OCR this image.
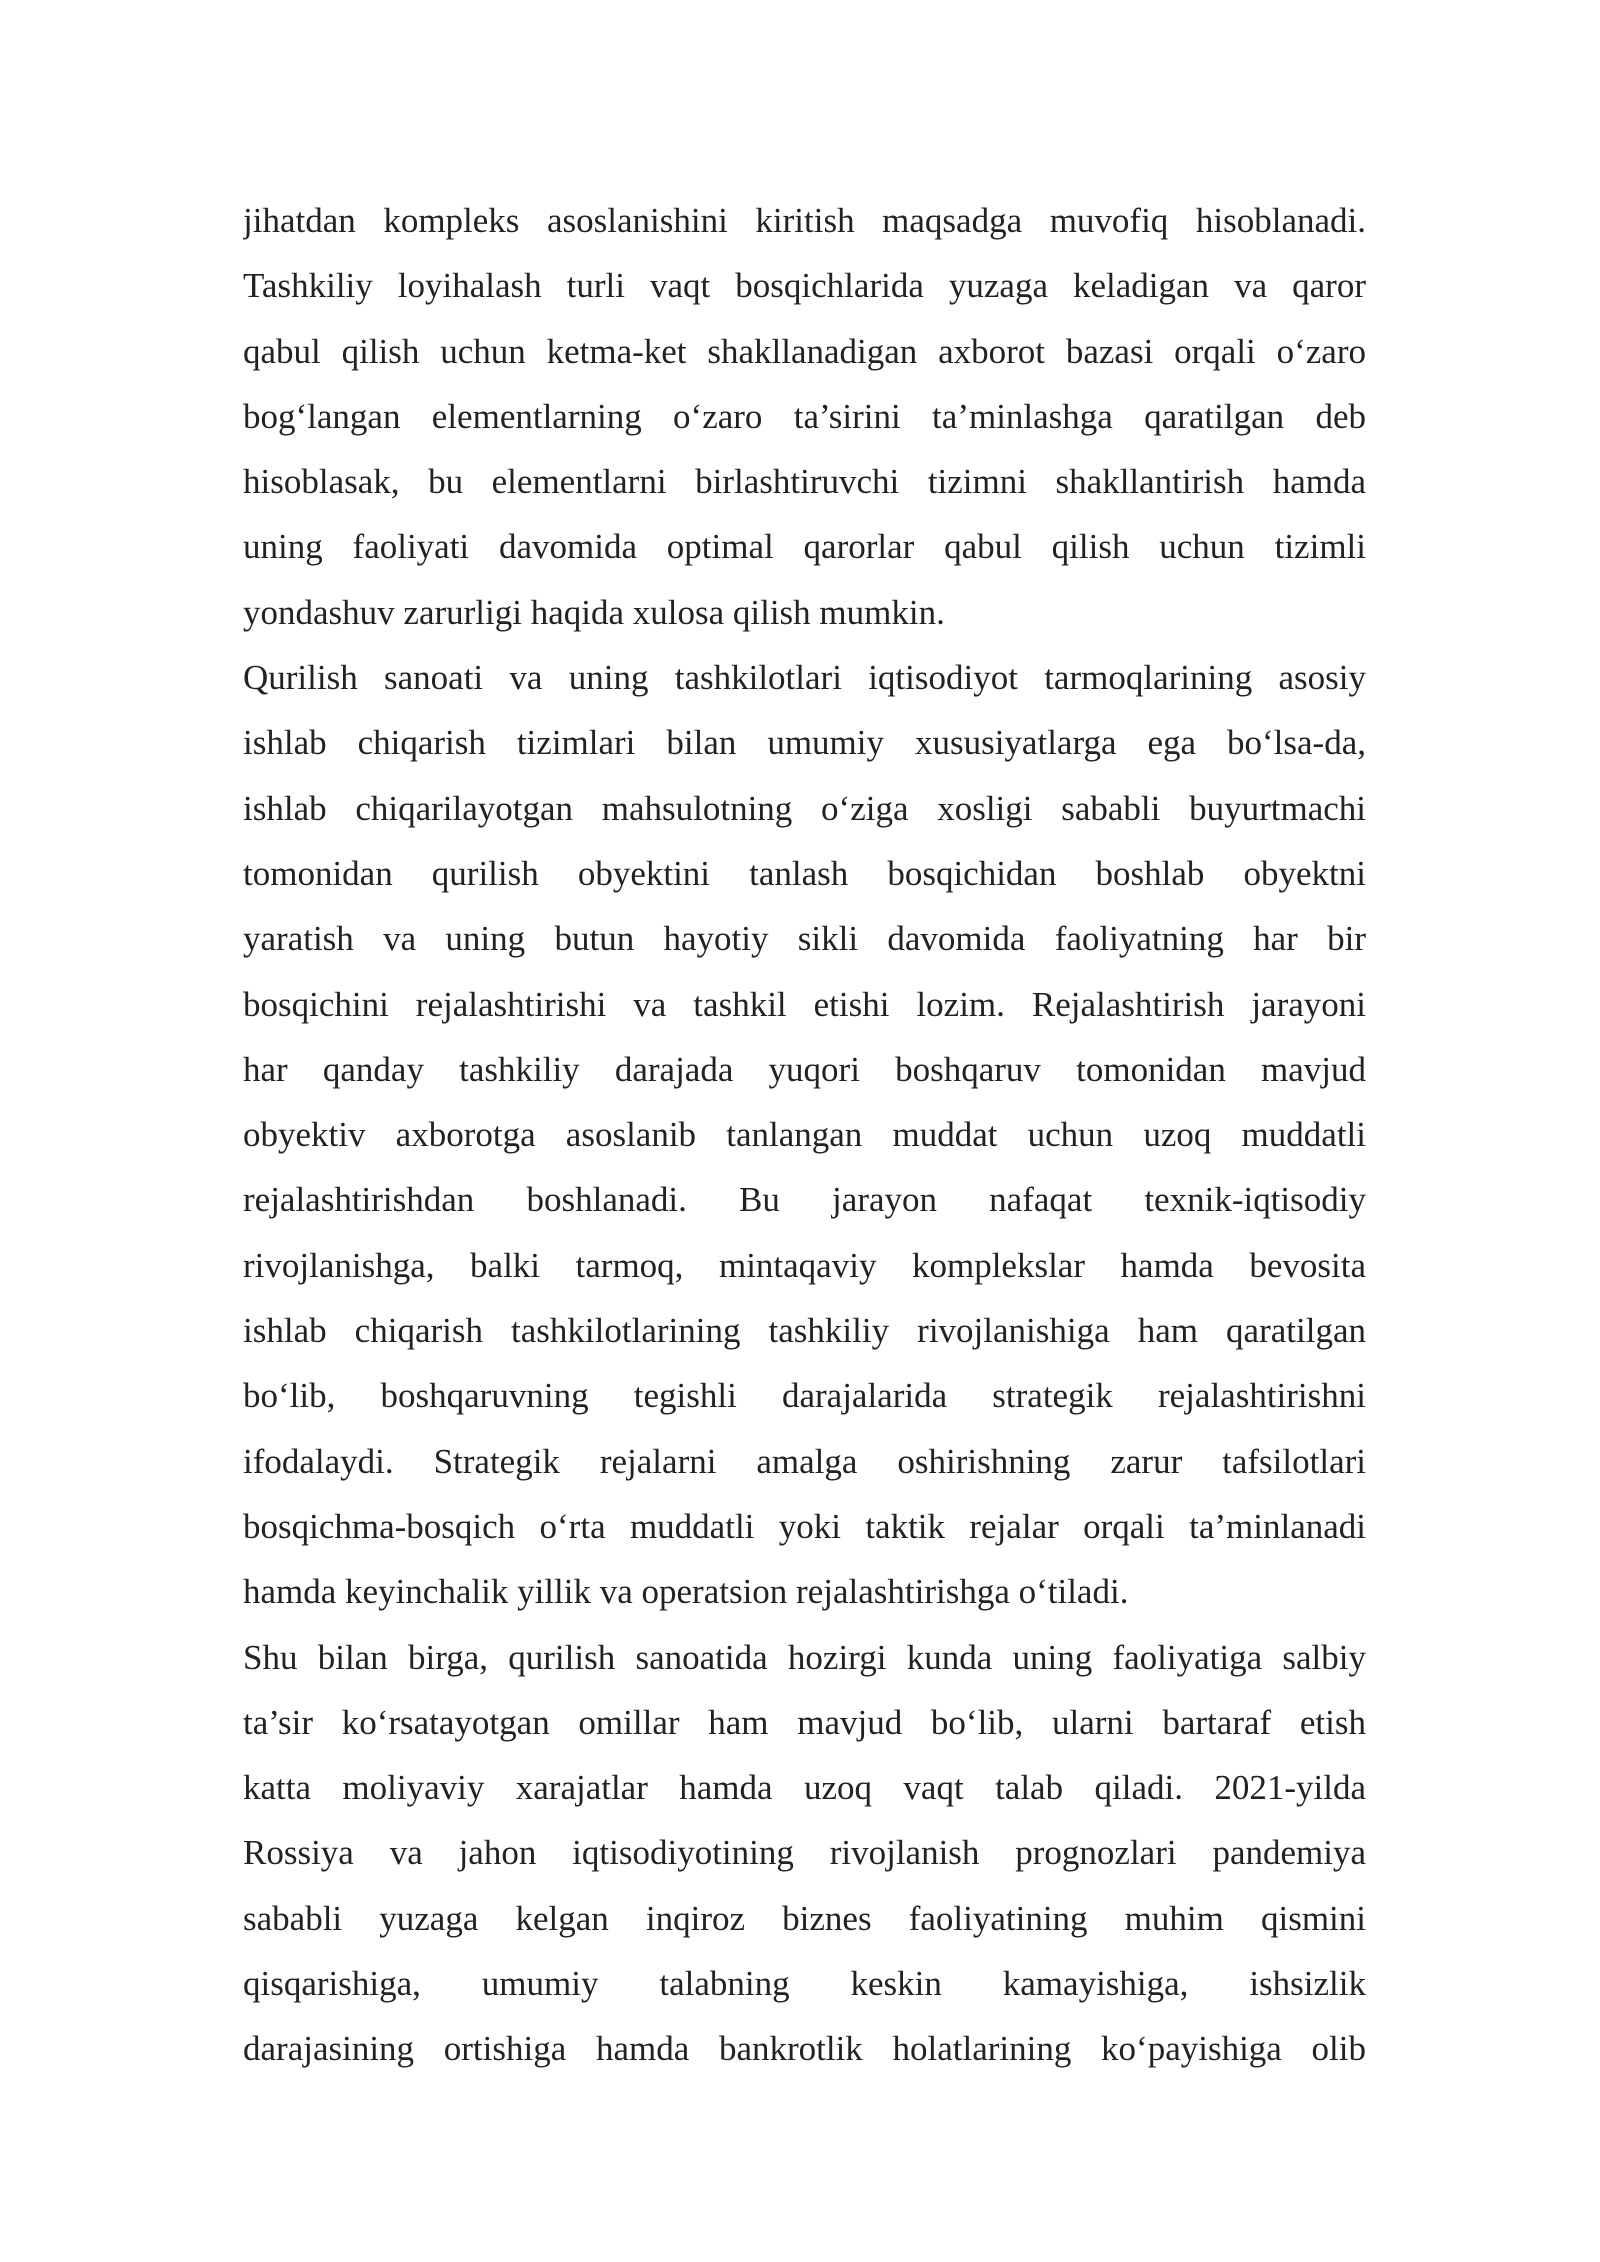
jihatdan kompleks asoslanishini kiritish maqsadga muvofiq hisoblanadi.
Tashkiliy loyihalash turli vaqt bosqichlarida yuzaga keladigan va qaror
qabul qilish uchun ketma-ket shakllanadigan axborot bazasi orqali o‘zaro
bog‘langan elementlarning o‘zaro ta’sirini ta’minlashga qaratilgan deb
hisoblasak, bu elementlarni birlashtiruvchi tizimni shakllantirish hamda
uning faoliyati davomida optimal qarorlar qabul qilish uchun tizimli
yondashuv zarurligi haqida xulosa qilish mumkin.
Qurilish sanoati va uning tashkilotlari iqtisodiyot tarmoqlarining asosiy
ishlab chiqarish tizimlari bilan umumiy xususiyatlarga ega bo‘lsa-da,
ishlab chiqarilayotgan mahsulotning o‘ziga xosligi sababli buyurtmachi
tomonidan qurilish obyektini tanlash bosqichidan boshlab obyektni
yaratish va uning butun hayotiy sikli davomida faoliyatning har bir
bosqichini rejalashtirishi va tashkil etishi lozim. Rejalashtirish jarayoni
har qanday tashkiliy darajada yuqori boshqaruv tomonidan mavjud
obyektiv axborotga asoslanib tanlangan muddat uchun uzoq muddatli
rejalashtirishdan boshlanadi. Bu jarayon nafaqat texnik-iqtisodiy
rivojlanishga, balki tarmoq, mintaqaviy komplekslar hamda bevosita
ishlab chiqarish tashkilotlarining tashkiliy rivojlanishiga ham qaratilgan
bo‘lib, boshqaruvning tegishli darajalarida strategik rejalashtirishni
ifodalaydi. Strategik rejalarni amalga oshirishning zarur tafsilotlari
bosqichma-bosqich o‘rta muddatli yoki taktik rejalar orqali ta’minlanadi
hamda keyinchalik yillik va operatsion rejalashtirishga o‘tiladi.
Shu bilan birga, qurilish sanoatida hozirgi kunda uning faoliyatiga salbiy
ta’sir ko‘rsatayotgan omillar ham mavjud bo‘lib, ularni bartaraf etish
katta moliyaviy xarajatlar hamda uzoq vaqt talab qiladi. 2021-yilda
Rossiya va jahon iqtisodiyotining rivojlanish prognozlari pandemiya
sababli yuzaga kelgan inqiroz biznes faoliyatining muhim qismini
qisqarishiga, umumiy talabning keskin kamayishiga, ishsizlik
darajasining ortishiga hamda bankrotlik holatlarining ko‘payishiga olib
